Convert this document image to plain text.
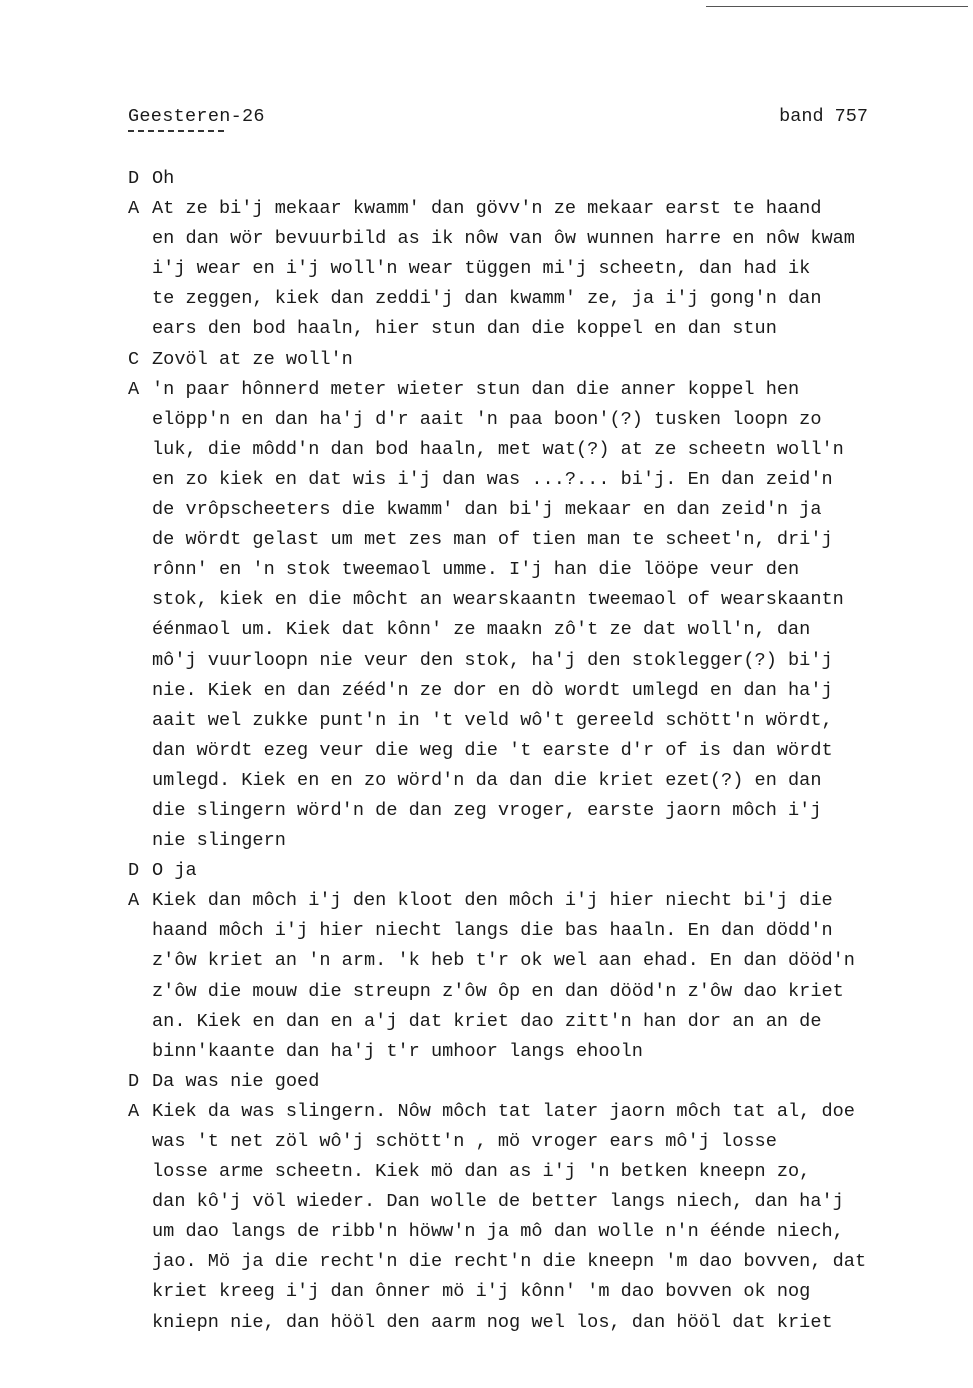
Geesteren-26	band 757
D Oh
A At ze bi'j mekaar kwamm' dan gövv'n ze mekaar earst te haand
en dan wör bevuurbild as ik nôw van ôw wunnen harre en nôw kwam
i'j wear en i'j woll'n wear tüggen mi'j scheetn, dan had ik
te zeggen, kiek dan zeddi'j dan kwamm' ze, ja i'j gong'n dan
ears den bod haaln, hier stun dan die koppel en dan stun
C Zovöl at ze woll'n
A 'n paar hônnerd meter wieter stun dan die anner koppel hen
elöpp'n en dan ha'j d'r aait 'n paa boon'(?) tusken loopn zo
luk, die môdd'n dan bod haaln, met wat(?) at ze scheetn woll'n
en zo kiek en dat wis i'j dan was ...?... bi'j. En dan zeid'n
de vrôpscheeters die kwamm' dan bi'j mekaar en dan zeid'n ja
de wördt gelast um met zes man of tien man te scheet'n, dri'j
rônn' en 'n stok tweemaol umme. I'j han die lööpe veur den
stok, kiek en die môcht an wearskaantn tweemaol of wearskaantn
éénmaol um. Kiek dat kônn' ze maakn zô't ze dat woll'n, dan
mô'j vuurloopn nie veur den stok, ha'j den stoklegger(?) bi'j
nie. Kiek en dan zééd'n ze dor en dò wordt umlegd en dan ha'j
aait wel zukke punt'n in 't veld wô't gereeld schött'n wördt,
dan wördt ezeg veur die weg die 't earste d'r of is dan wördt
umlegd. Kiek en en zo wörd'n da dan die kriet ezet(?) en dan
die slingern wörd'n de dan zeg vroger, earste jaorn môch i'j
nie slingern
D O ja
A Kiek dan môch i'j den kloot den môch i'j hier niecht bi'j die
haand môch i'j hier niecht langs die bas haaln. En dan dödd'n
z'ôw kriet an 'n arm. 'k heb t'r ok wel aan ehad. En dan dööd'n
z'ôw die mouw die streupn z'ôw ôp en dan dööd'n z'ôw dao kriet
an. Kiek en dan en a'j dat kriet dao zitt'n han dor an an de
binn'kaante dan ha'j t'r umhoor langs ehooln
D Da was nie goed
A Kiek da was slingern. Nôw môch tat later jaorn môch tat al, doe
was 't net zöl wô'j schött'n , mö vroger ears mô'j losse
losse arme scheetn. Kiek mö dan as i'j 'n betken kneepn zo,
dan kô'j völ wieder. Dan wolle de better langs niech, dan ha'j
um dao langs de ribb'n höww'n ja mô dan wolle n'n éénde niech,
jao. Mö ja die recht'n die recht'n die kneepn 'm dao bovven, dat
kriet kreeg i'j dan ônner mö i'j kônn' 'm dao bovven ok nog
kniepn nie, dan hööl den aarm nog wel los, dan hööl dat kriet
